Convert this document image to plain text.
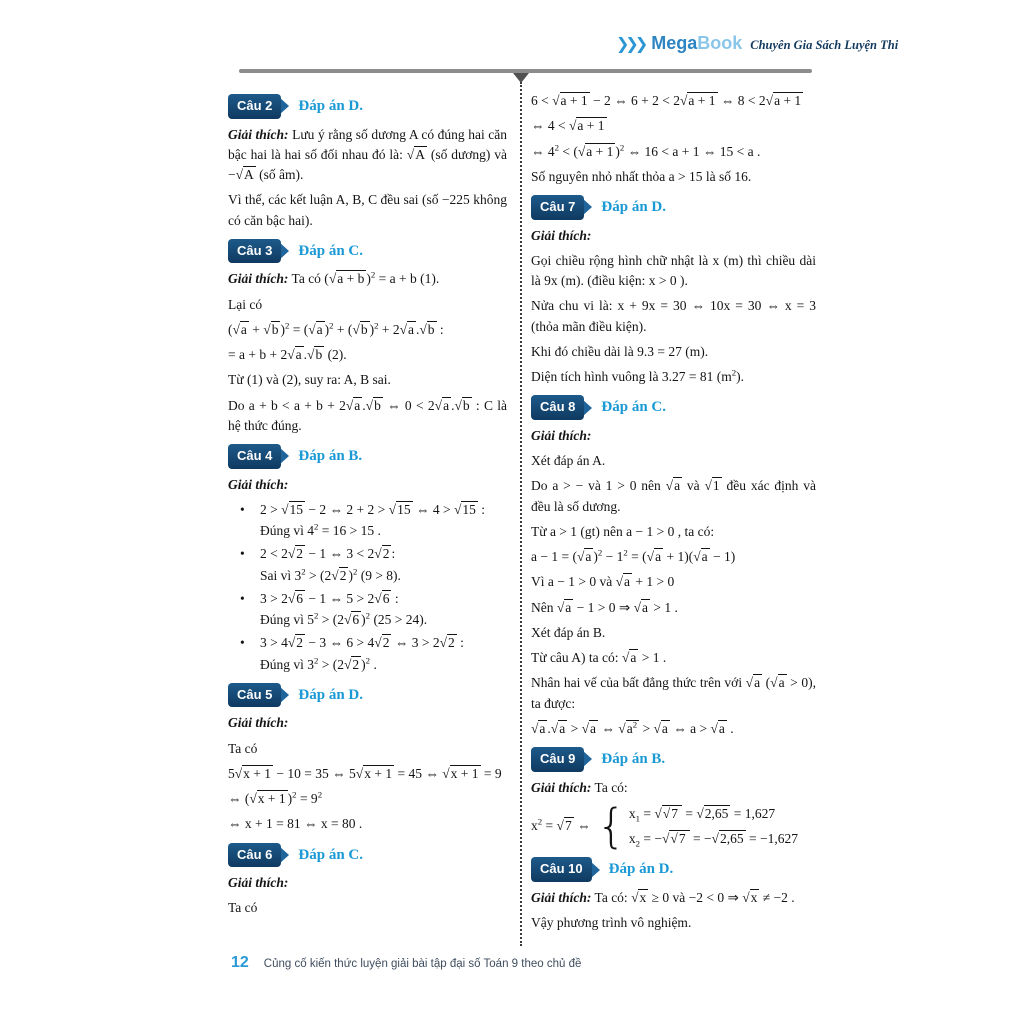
❯❯❯ Mega Book Chuyên Gia Sách Luyện Thi
Câu 2	Đáp án D.
Giải thích: Lưu ý rằng số dương A có đúng hai căn bậc hai là hai số đối nhau đó là: √A (số dương) và −√A (số âm).
Vì thế, các kết luận A, B, C đều sai (số −225 không có căn bậc hai).
Câu 3	Đáp án C.
Giải thích: Ta có (√a + b )$^2$ = a + b (1).
Lại có
(√a + √b )$^2$ = (√a )$^2$ + (√b )$^2$ + 2√a .√b :
= a + b + 2√a .√b (2).
Từ (1) và (2), suy ra: A, B sai.
Do a + b < a + b + 2√a .√b ⇔ 0 < 2√a .√b : C là hệ thức đúng.
Câu 4	Đáp án B.
Giải thích:
• 2 > √15 − 2 ⇔ 2 + 2 > √15 ⇔ 4 > √15 :
Đúng vì $4^2 = 16 > 15$ .
• 2 < 2√2 − 1 ⇔ 3 < 2√2 :
Sai vì $3^2 > (2√2$ )$^2$ (9 > 8).
• 3 > 2√6 − 1 ⇔ 5 > 2√6 :
Đúng vì $5^2 > (2√6$ )$^2$ (25 > 24).
• 3 > 4√2 − 3 ⇔ 6 > 4√2 ⇔ 3 > 2√2 :
Đúng vì $3^2 > (2√2$ )$^2$ .
Câu 5	Đáp án D.
Giải thích:
Ta có
5√x + 1 − 10 = 35 ⇔ 5√x + 1 = 45 ⇔ √x + 1 = 9
⇔ (√x + 1 )$^2 = 9^2$
⇔ x + 1 = 81 ⇔ x = 80 .
Câu 6	Đáp án C.
Giải thích:
Ta có
6 < √a + 1 − 2 ⇔ 6 + 2 < 2√a + 1 ⇔ 8 < 2√a + 1
⇔ 4 < √a + 1
⇔ $4^2 < (√a + 1$ )$^2$ ⇔ 16 < a + 1 ⇔ 15 < a .
Số nguyên nhỏ nhất thỏa a > 15 là số 16.
Câu 7	Đáp án D.
Giải thích:
Gọi chiều rộng hình chữ nhật là x (m) thì chiều dài là 9x (m). (điều kiện: x > 0 ).
Nửa chu vi là: x + 9x = 30 ⇔ 10x = 30 ⇔ x = 3 (thỏa mãn điều kiện).
Khi đó chiều dài là 9.3 = 27 (m).
Diện tích hình vuông là 3.27 = 81 $(m^2)$.
Câu 8	Đáp án C.
Giải thích:
Xét đáp án A.
Do a > − và 1 > 0 nên √a và √1 đều xác định và đều là số dương.
Từ a > 1 (gt) nên a − 1 > 0 , ta có:
a − 1 = (√a )$^2 - 1^2 = (√a + 1)(√a - 1)$
Vì a − 1 > 0 và √a + 1 > 0
Nên √a − 1 > 0 ⇒ √a > 1 .
Xét đáp án B.
Từ câu A) ta có: √a > 1 .
Nhân hai vế của bất đẳng thức trên với √a (√a > 0), ta được:
√a .√a > √a ⇔ $√a^2 > √a$ ⇔ a > √a .
Câu 9	Đáp án B.
Giải thích: Ta có:
$x^2 = √7$ ⇔ { $x_1 = √√7 = √2,65 = 1,627$
$x_2 = -√√7 = -√2,65 = -1,627$
Câu 10	Đáp án D.
Giải thích: Ta có: √x ≥ 0 và −2 < 0 ⇒ √x ≠ −2 .
Vậy phương trình vô nghiệm.
12 Củng cố kiến thức luyện giải bài tập đại số Toán 9 theo chủ đề
